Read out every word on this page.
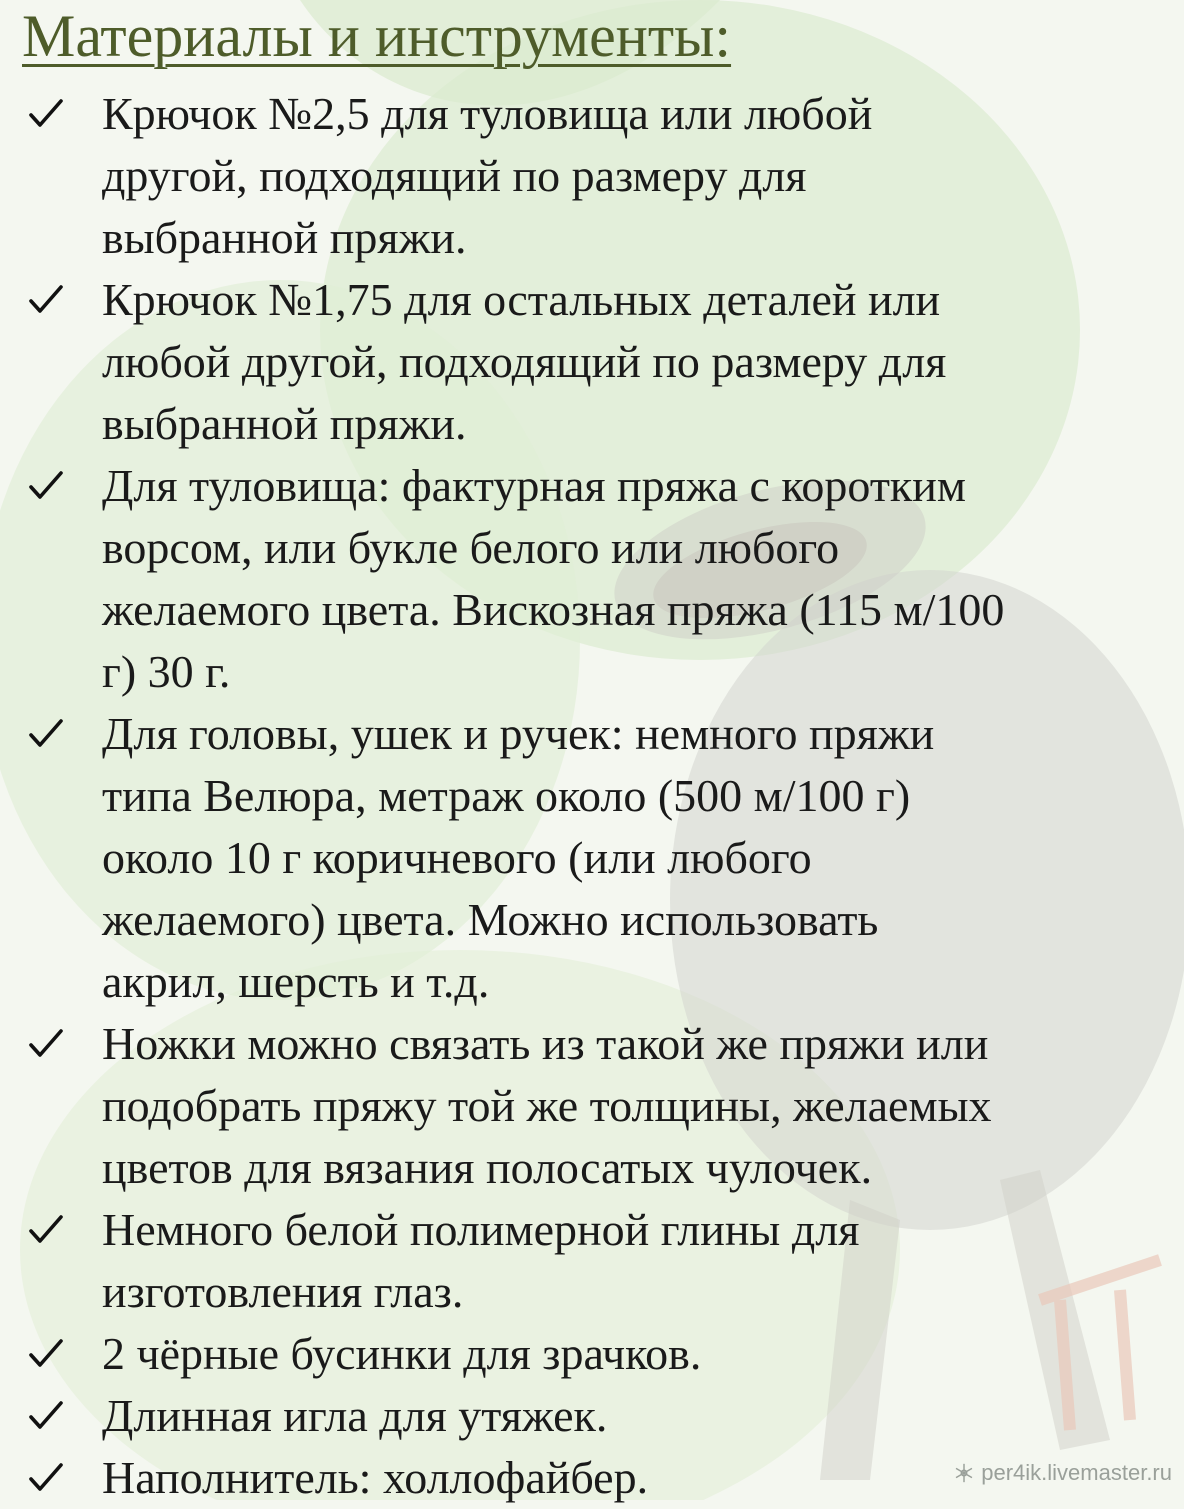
Материалы и инструменты:
Крючок №2,5 для туловища или любой
другой, подходящий по размеру для
выбранной пряжи.
Крючок №1,75 для остальных деталей или
любой другой, подходящий по размеру для
выбранной пряжи.
Для туловища: фактурная пряжа с коротким
ворсом, или букле белого или любого
желаемого цвета. Вискозная пряжа (115 м/100
г) 30 г.
Для головы, ушек и ручек: немного пряжи
типа Велюра, метраж около (500 м/100 г)
около 10 г коричневого (или любого
желаемого) цвета. Можно использовать
акрил, шерсть и т.д.
Ножки можно связать из такой же пряжи или
подобрать пряжу той же толщины, желаемых
цветов для вязания полосатых чулочек.
Немного белой полимерной глины для
изготовления глаз.
2 чёрные бусинки для зрачков.
Длинная игла для утяжек.
Наполнитель: холлофайбер.	per4ik.livemaster.ru
